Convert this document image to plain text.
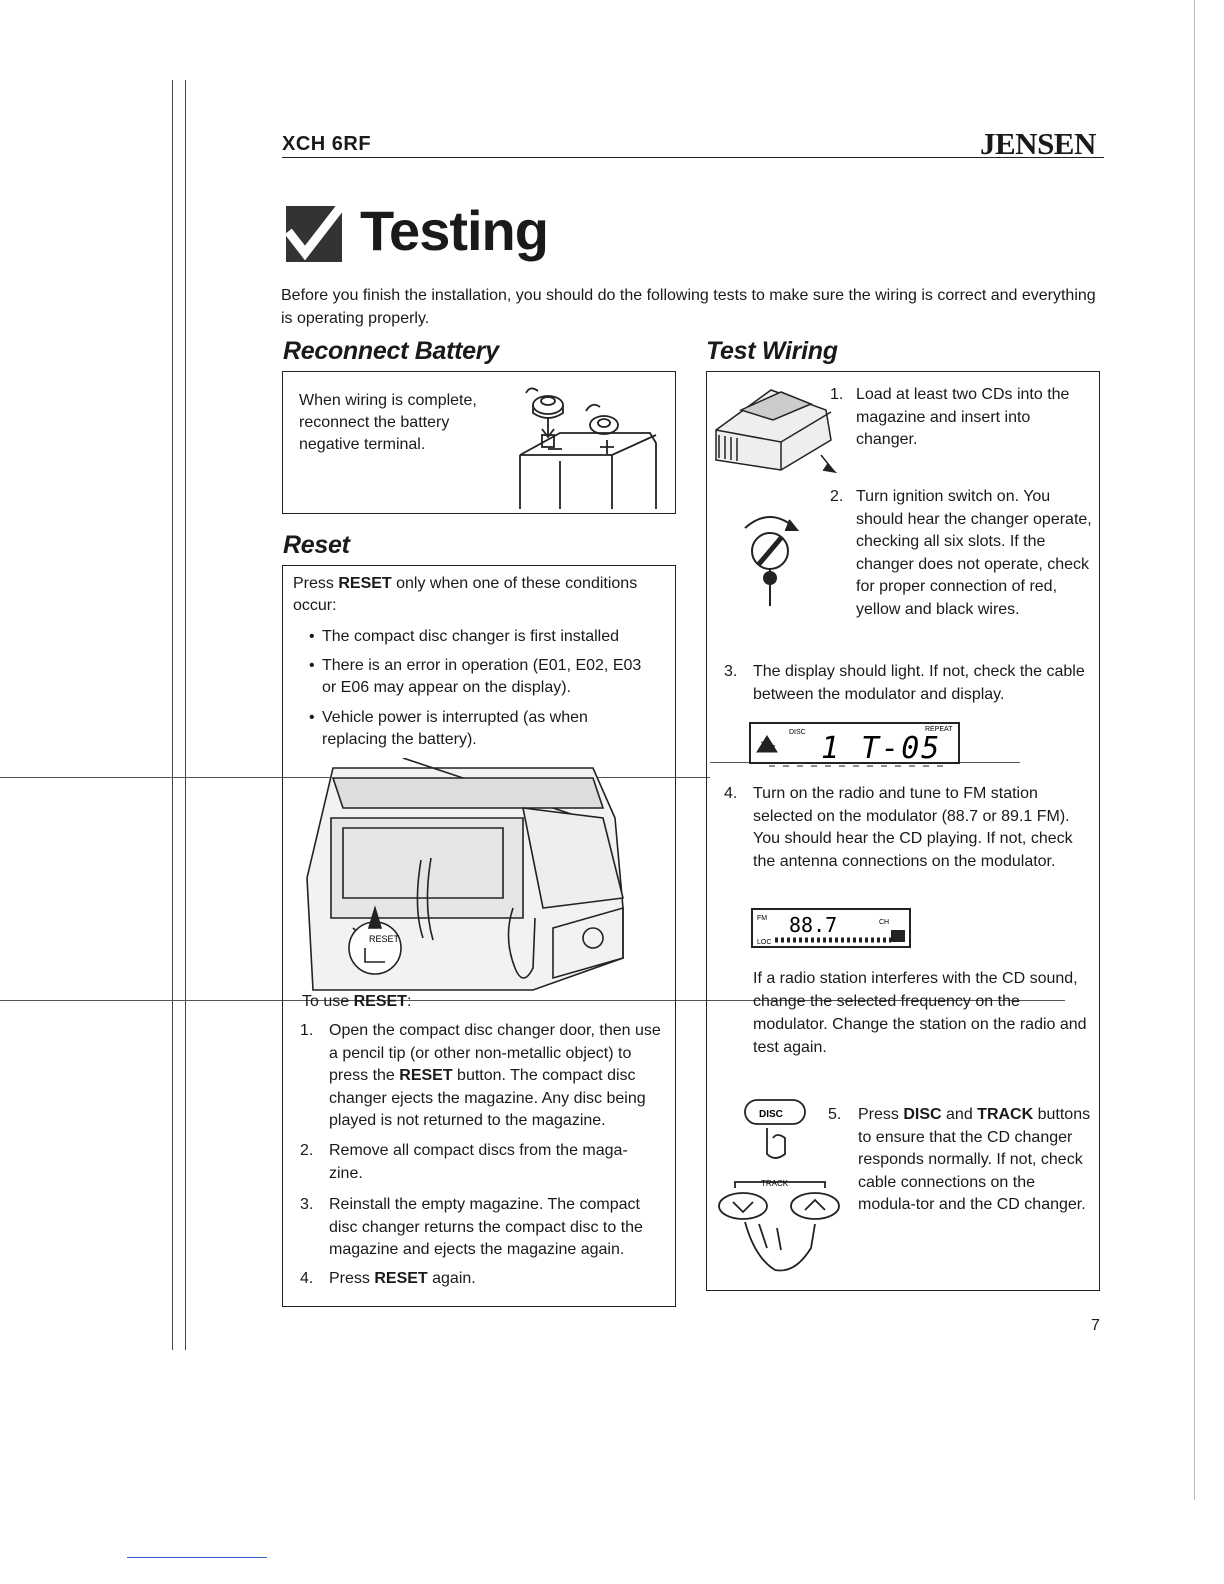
XCH 6RF	JENSEN
Testing
Before you finish the installation, you should do the following tests to make sure the wiring is correct and everything is operating properly.
Reconnect Battery	Test Wiring
Reset
When wiring is complete, reconnect the battery negative terminal.
Press RESET only when one of these conditions occur:
• The compact disc changer is first installed
• There is an error in operation (E01, E02, E03 or E06 may appear on the display).
• Vehicle power is interrupted (as when replacing the battery).
RESET
To use RESET:
1. Open the compact disc changer door, then use a pencil tip (or other non-metallic object) to press the RESET button. The compact disc changer ejects the magazine. Any disc being played is not returned to the magazine.
2. Remove all compact discs from the maga-zine.
3. Reinstall the empty magazine. The compact disc changer returns the compact disc to the magazine and ejects the magazine again.
4. Press RESET again.
1. Load at least two CDs into the magazine and insert into changer.
2. Turn ignition switch on. You should hear the changer operate, checking all six slots. If the changer does not operate, check for proper connection of red, yellow and black wires.
3. The display should light. If not, check the cable between the modulator and display.
DISC	REPEAT
1 T-05
4. Turn on the radio and tune to FM station selected on the modulator (88.7 or 89.1 FM). You should hear the CD playing. If not, check the antenna connections on the modulator.
FM 88.7	CH
LOC
If a radio station interferes with the CD sound, change the selected frequency on the modulator. Change the station on the radio and test again.
DISC
TRACK
5. Press DISC and TRACK buttons to ensure that the CD changer responds normally. If not, check cable connections on the modula-tor and the CD changer.
7
